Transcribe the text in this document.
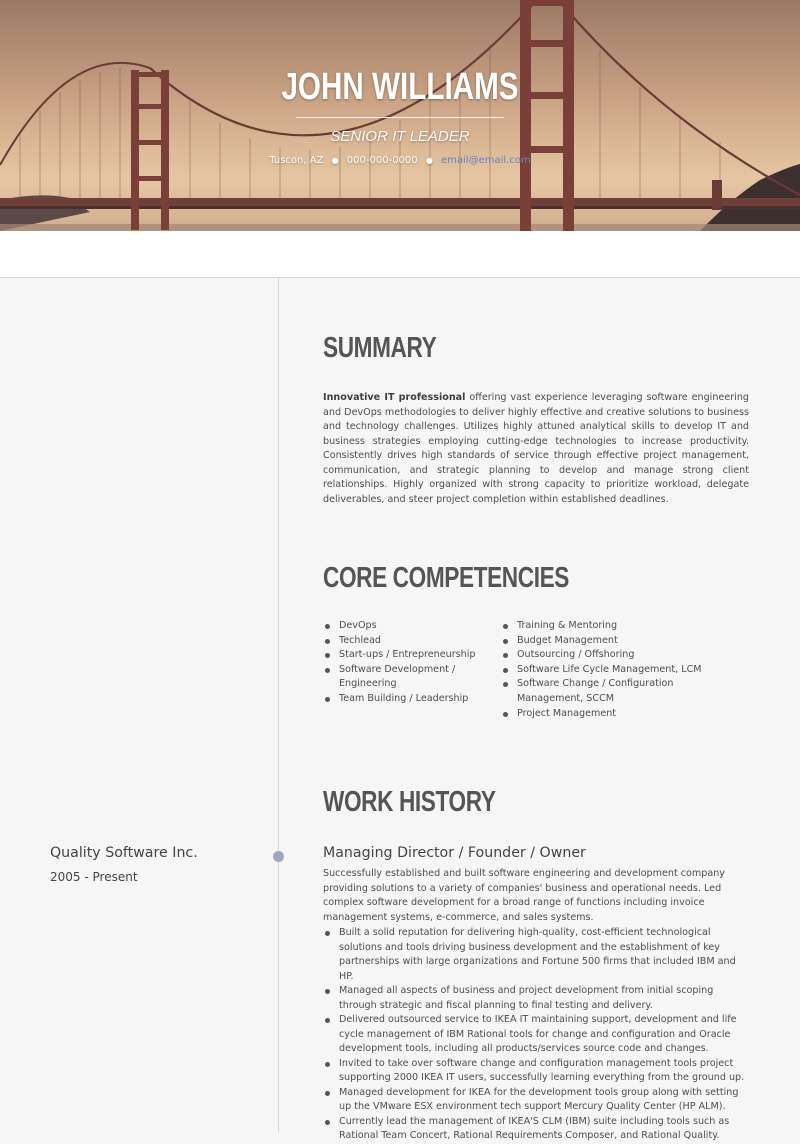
JOHN WILLIAMS
SENIOR IT LEADER
Tuscon, AZ ● 000-000-0000 ● email@email.com
SUMMARY
Innovative IT professional offering vast experience leveraging software engineering and DevOps methodologies to deliver highly effective and creative solutions to business and technology challenges. Utilizes highly attuned analytical skills to develop IT and business strategies employing cutting-edge technologies to increase productivity. Consistently drives high standards of service through effective project management, communication, and strategic planning to develop and manage strong client relationships. Highly organized with strong capacity to prioritize workload, delegate deliverables, and steer project completion within established deadlines.
CORE COMPETENCIES
DevOps
Techlead
Start-ups / Entrepreneurship
Software Development / Engineering
Team Building / Leadership
Training & Mentoring
Budget Management
Outsourcing / Offshoring
Software Life Cycle Management, LCM
Software Change / Configuration Management, SCCM
Project Management
WORK HISTORY
Quality Software Inc.
2005 - Present
Managing Director / Founder / Owner
Successfully established and built software engineering and development company providing solutions to a variety of companies' business and operational needs. Led complex software development for a broad range of functions including invoice management systems, e-commerce, and sales systems.
Built a solid reputation for delivering high-quality, cost-efficient technological solutions and tools driving business development and the establishment of key partnerships with large organizations and Fortune 500 firms that included IBM and HP.
Managed all aspects of business and project development from initial scoping through strategic and fiscal planning to final testing and delivery.
Delivered outsourced service to IKEA IT maintaining support, development and life cycle management of IBM Rational tools for change and configuration and Oracle development tools, including all products/services source code and changes.
Invited to take over software change and configuration management tools project supporting 2000 IKEA IT users, successfully learning everything from the ground up.
Managed development for IKEA for the development tools group along with setting up the VMware ESX environment tech support Mercury Quality Center (HP ALM).
Currently lead the management of IKEA'S CLM (IBM) suite including tools such as Rational Team Concert, Rational Requirements Composer, and Rational Quality.
